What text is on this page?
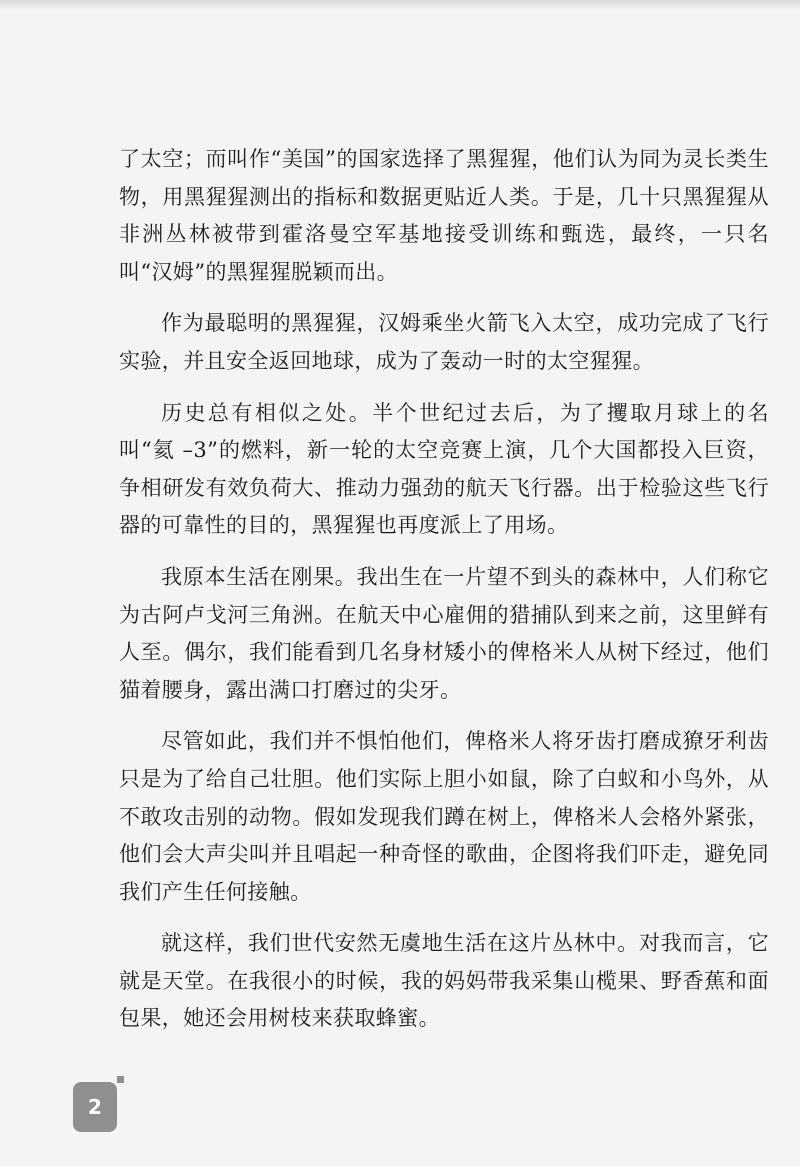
了太空；而叫作“美国”的国家选择了黑猩猩，他们认为同为灵长类生物，用黑猩猩测出的指标和数据更贴近人类。于是，几十只黑猩猩从非洲丛林被带到霍洛曼空军基地接受训练和甄选，最终，一只名叫“汉姆”的黑猩猩脱颖而出。

作为最聪明的黑猩猩，汉姆乘坐火箭飞入太空，成功完成了飞行实验，并且安全返回地球，成为了轰动一时的太空猩猩。

历史总有相似之处。半个世纪过去后，为了攫取月球上的名叫“氦 –3”的燃料，新一轮的太空竞赛上演，几个大国都投入巨资，争相研发有效负荷大、推动力强劲的航天飞行器。出于检验这些飞行器的可靠性的目的，黑猩猩也再度派上了用场。

我原本生活在刚果。我出生在一片望不到头的森林中，人们称它为古阿卢戈河三角洲。在航天中心雇佣的猎捕队到来之前，这里鲜有人至。偶尔，我们能看到几名身材矮小的俾格米人从树下经过，他们猫着腰身，露出满口打磨过的尖牙。

尽管如此，我们并不惧怕他们，俾格米人将牙齿打磨成獠牙利齿只是为了给自己壮胆。他们实际上胆小如鼠，除了白蚁和小鸟外，从不敢攻击别的动物。假如发现我们蹲在树上，俾格米人会格外紧张，他们会大声尖叫并且唱起一种奇怪的歌曲，企图将我们吓走，避免同我们产生任何接触。

就这样，我们世代安然无虞地生活在这片丛林中。对我而言，它就是天堂。在我很小的时候，我的妈妈带我采集山榄果、野香蕉和面包果，她还会用树枝来获取蜂蜜。

2
